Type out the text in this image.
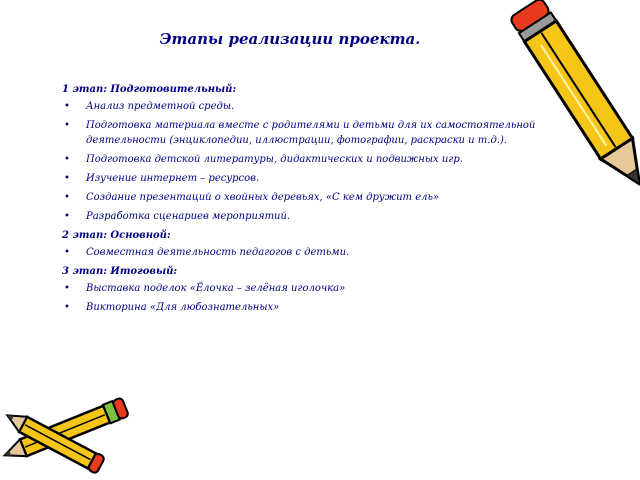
Этапы реализации проекта.
1 этап: Подготовительный:
• Анализ предметной среды.
• Подготовка материала вместе с родителями и детьми для их самостоятельной деятельности (энциклопедии, иллюстрации, фотографии, раскраски и т.д.).
• Подготовка детской литературы, дидактических и подвижных игр.
• Изучение интернет – ресурсов.
• Создание презентаций о хвойных деревьях, «С кем дружит ель»
• Разработка сценариев мероприятий.
2 этап: Основной:
• Совместная деятельность педагогов с детьми.
3 этап: Итоговый:
• Выставка поделок «Ёлочка – зелёная иголочка»
• Викторина «Для любознательных»
